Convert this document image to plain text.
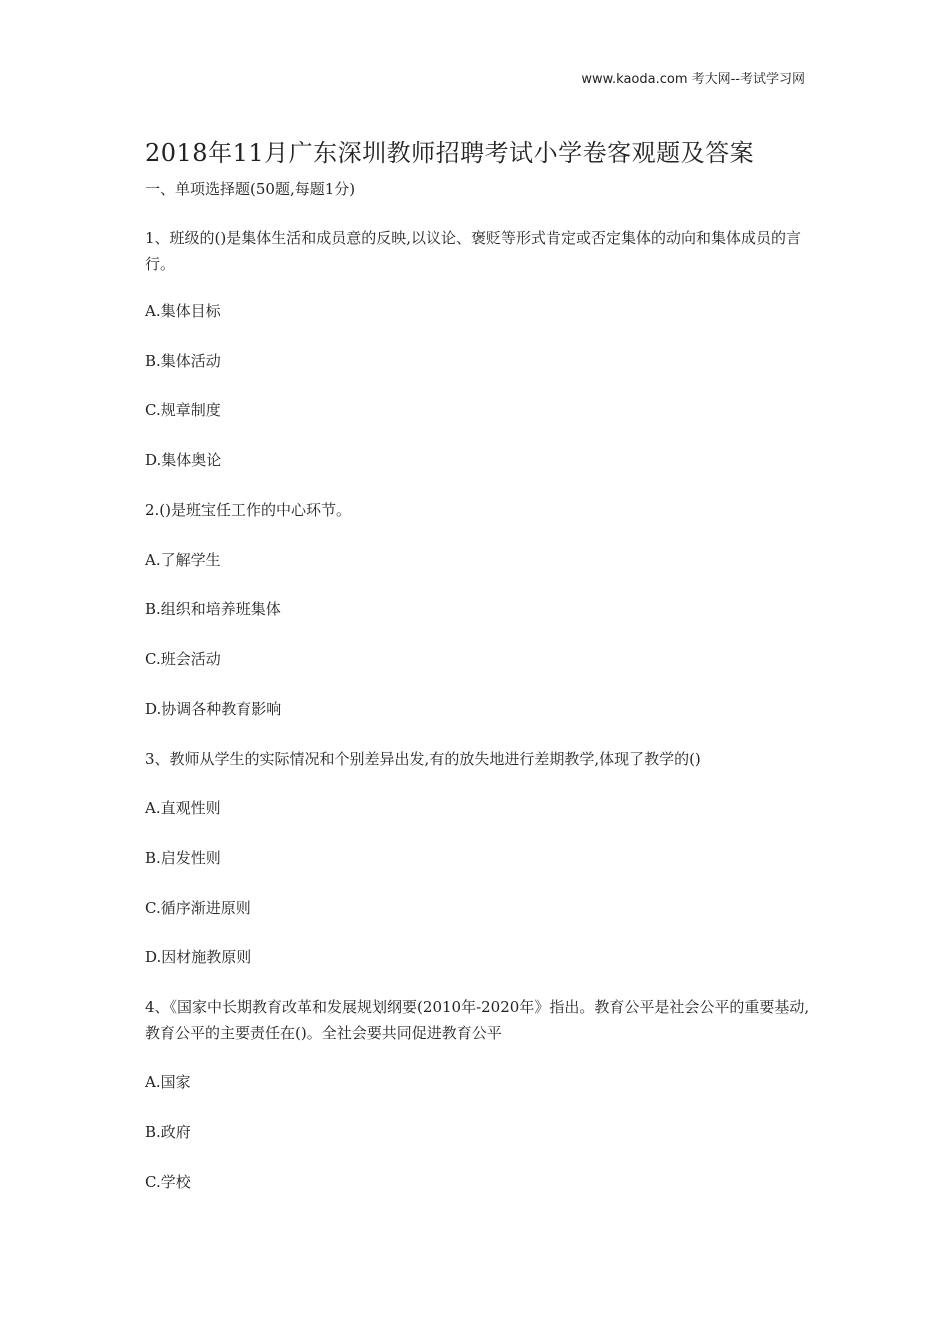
www.kaoda.com 考大网--考试学习网
2018年11月广东深圳教师招聘考试小学卷客观题及答案
一、单项选择题(50题,每题1分)
1、班级的()是集体生活和成员意的反映,以议论、褒贬等形式肯定或否定集体的动向和集体成员的言行。
A.集体目标
B.集体活动
C.规章制度
D.集体奥论
2.()是班宝任工作的中心环节。
A.了解学生
B.组织和培养班集体
C.班会活动
D.协调各种教育影响
3、教师从学生的实际情况和个别差异出发,有的放失地进行差期教学,体现了教学的()
A.直观性则
B.启发性则
C.循序渐进原则
D.因材施教原则
4、《国家中长期教育改革和发展规划纲要(2010年-2020年》指出。教育公平是社会公平的重要基动,教育公平的主要责任在()。全社会要共同促进教育公平
A.国家
B.政府
C.学校
